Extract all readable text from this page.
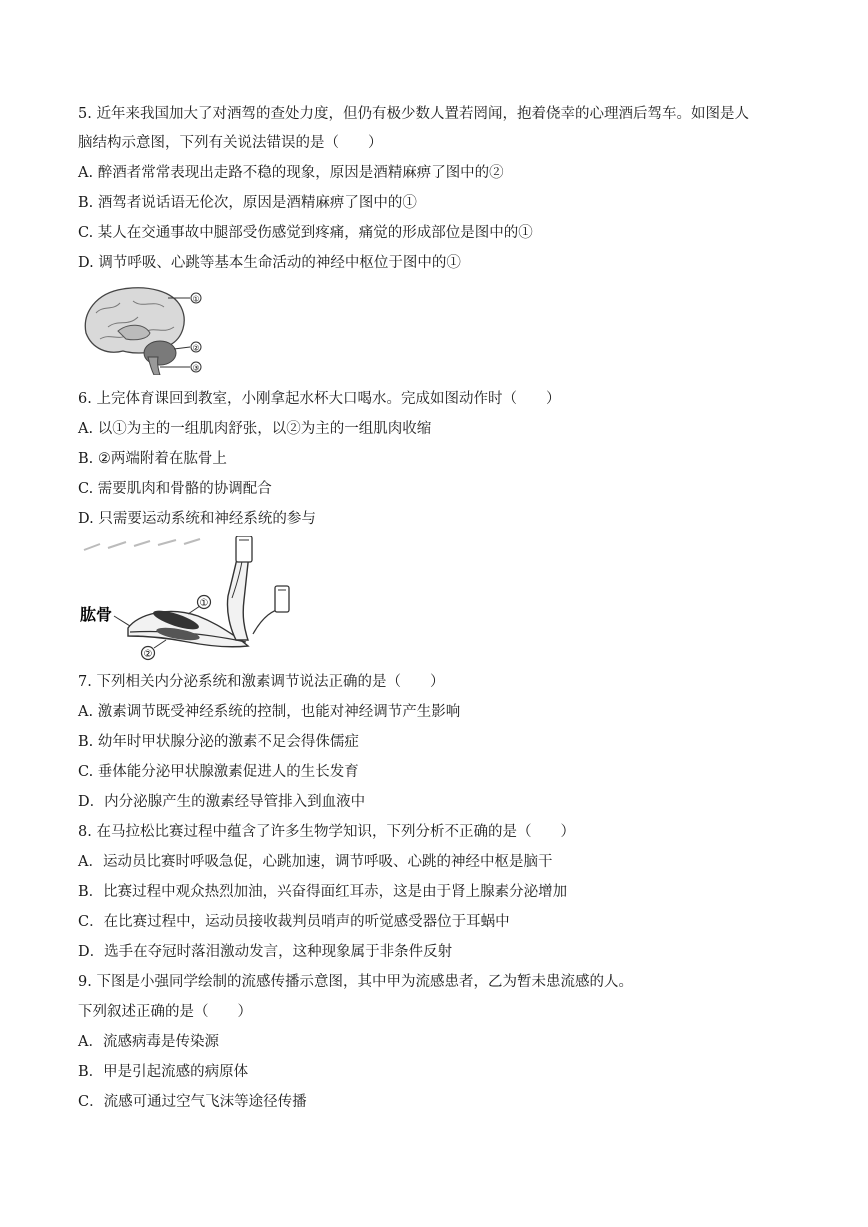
5. 近年来我国加大了对酒驾的查处力度，但仍有极少数人置若罔闻，抱着侥幸的心理酒后驾车。如图是人
脑结构示意图，下列有关说法错误的是（　　）
A. 醉酒者常常表现出走路不稳的现象，原因是酒精麻痹了图中的②
B. 酒驾者说话语无伦次，原因是酒精麻痹了图中的①
C. 某人在交通事故中腿部受伤感觉到疼痛，痛觉的形成部位是图中的①
D. 调节呼吸、心跳等基本生命活动的神经中枢位于图中的①
①
②
③
6. 上完体育课回到教室，小刚拿起水杯大口喝水。完成如图动作时（　　）
A. 以①为主的一组肌肉舒张，以②为主的一组肌肉收缩
B. ②两端附着在肱骨上
C. 需要肌肉和骨骼的协调配合
D. 只需要运动系统和神经系统的参与
①
②
肱骨
7. 下列相关内分泌系统和激素调节说法正确的是（　　）
A. 激素调节既受神经系统的控制，也能对神经调节产生影响
B. 幼年时甲状腺分泌的激素不足会得侏儒症
C. 垂体能分泌甲状腺激素促进人的生长发育
D．内分泌腺产生的激素经导管排入到血液中
8. 在马拉松比赛过程中蕴含了许多生物学知识，下列分析不正确的是（　　）
A．运动员比赛时呼吸急促，心跳加速，调节呼吸、心跳的神经中枢是脑干
B．比赛过程中观众热烈加油，兴奋得面红耳赤，这是由于肾上腺素分泌增加
C．在比赛过程中，运动员接收裁判员哨声的听觉感受器位于耳蜗中
D．选手在夺冠时落泪激动发言，这种现象属于非条件反射
9. 下图是小强同学绘制的流感传播示意图，其中甲为流感患者，乙为暂未患流感的人。
下列叙述正确的是（　　）
A．流感病毒是传染源
B．甲是引起流感的病原体
C．流感可通过空气飞沫等途径传播
